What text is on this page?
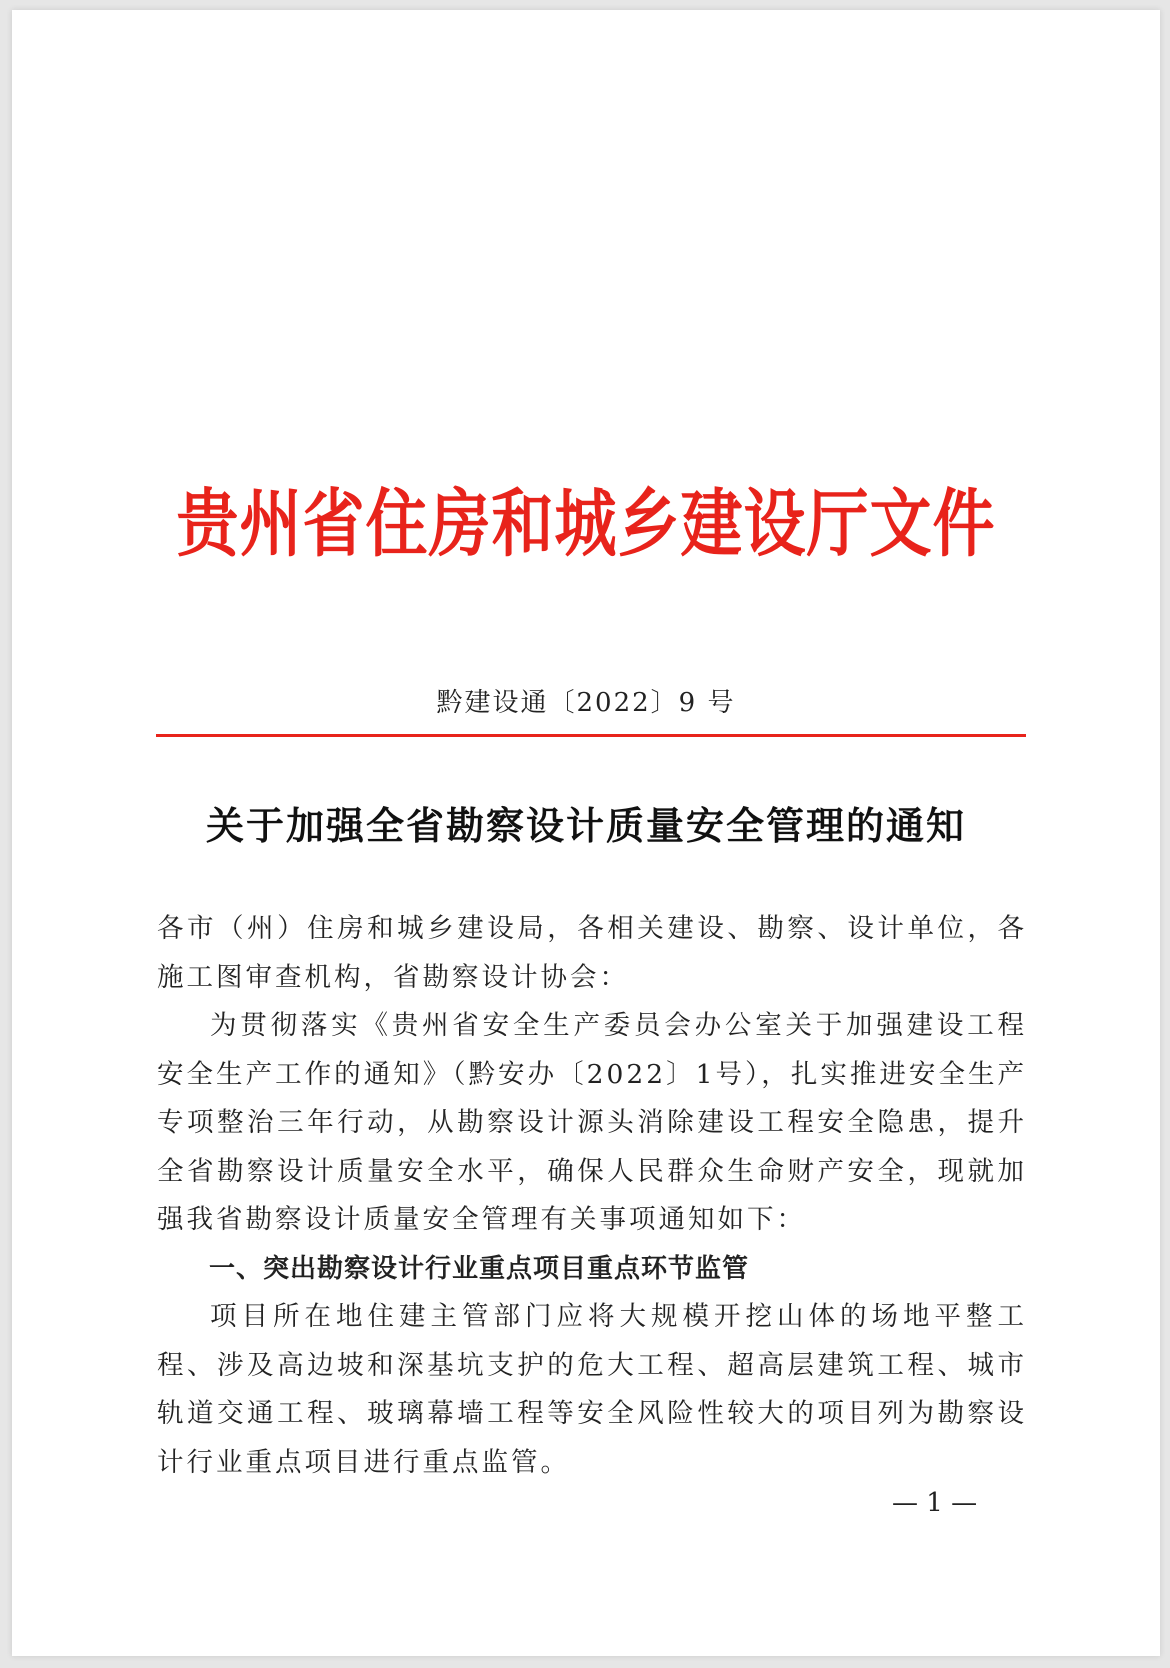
贵州省住房和城乡建设厅文件
黔建设通〔2022〕9 号
关于加强全省勘察设计质量安全管理的通知

各市（州）住房和城乡建设局，各相关建设、勘察、设计单位，各施工图审查机构，省勘察设计协会：

为贯彻落实《贵州省安全生产委员会办公室关于加强建设工程安全生产工作的通知》（黔安办〔2022〕1号），扎实推进安全生产专项整治三年行动，从勘察设计源头消除建设工程安全隐患，提升全省勘察设计质量安全水平，确保人民群众生命财产安全，现就加强我省勘察设计质量安全管理有关事项通知如下：

一、突出勘察设计行业重点项目重点环节监管

项目所在地住建主管部门应将大规模开挖山体的场地平整工程、涉及高边坡和深基坑支护的危大工程、超高层建筑工程、城市轨道交通工程、玻璃幕墙工程等安全风险性较大的项目列为勘察设计行业重点项目进行重点监管。

— 1 —
